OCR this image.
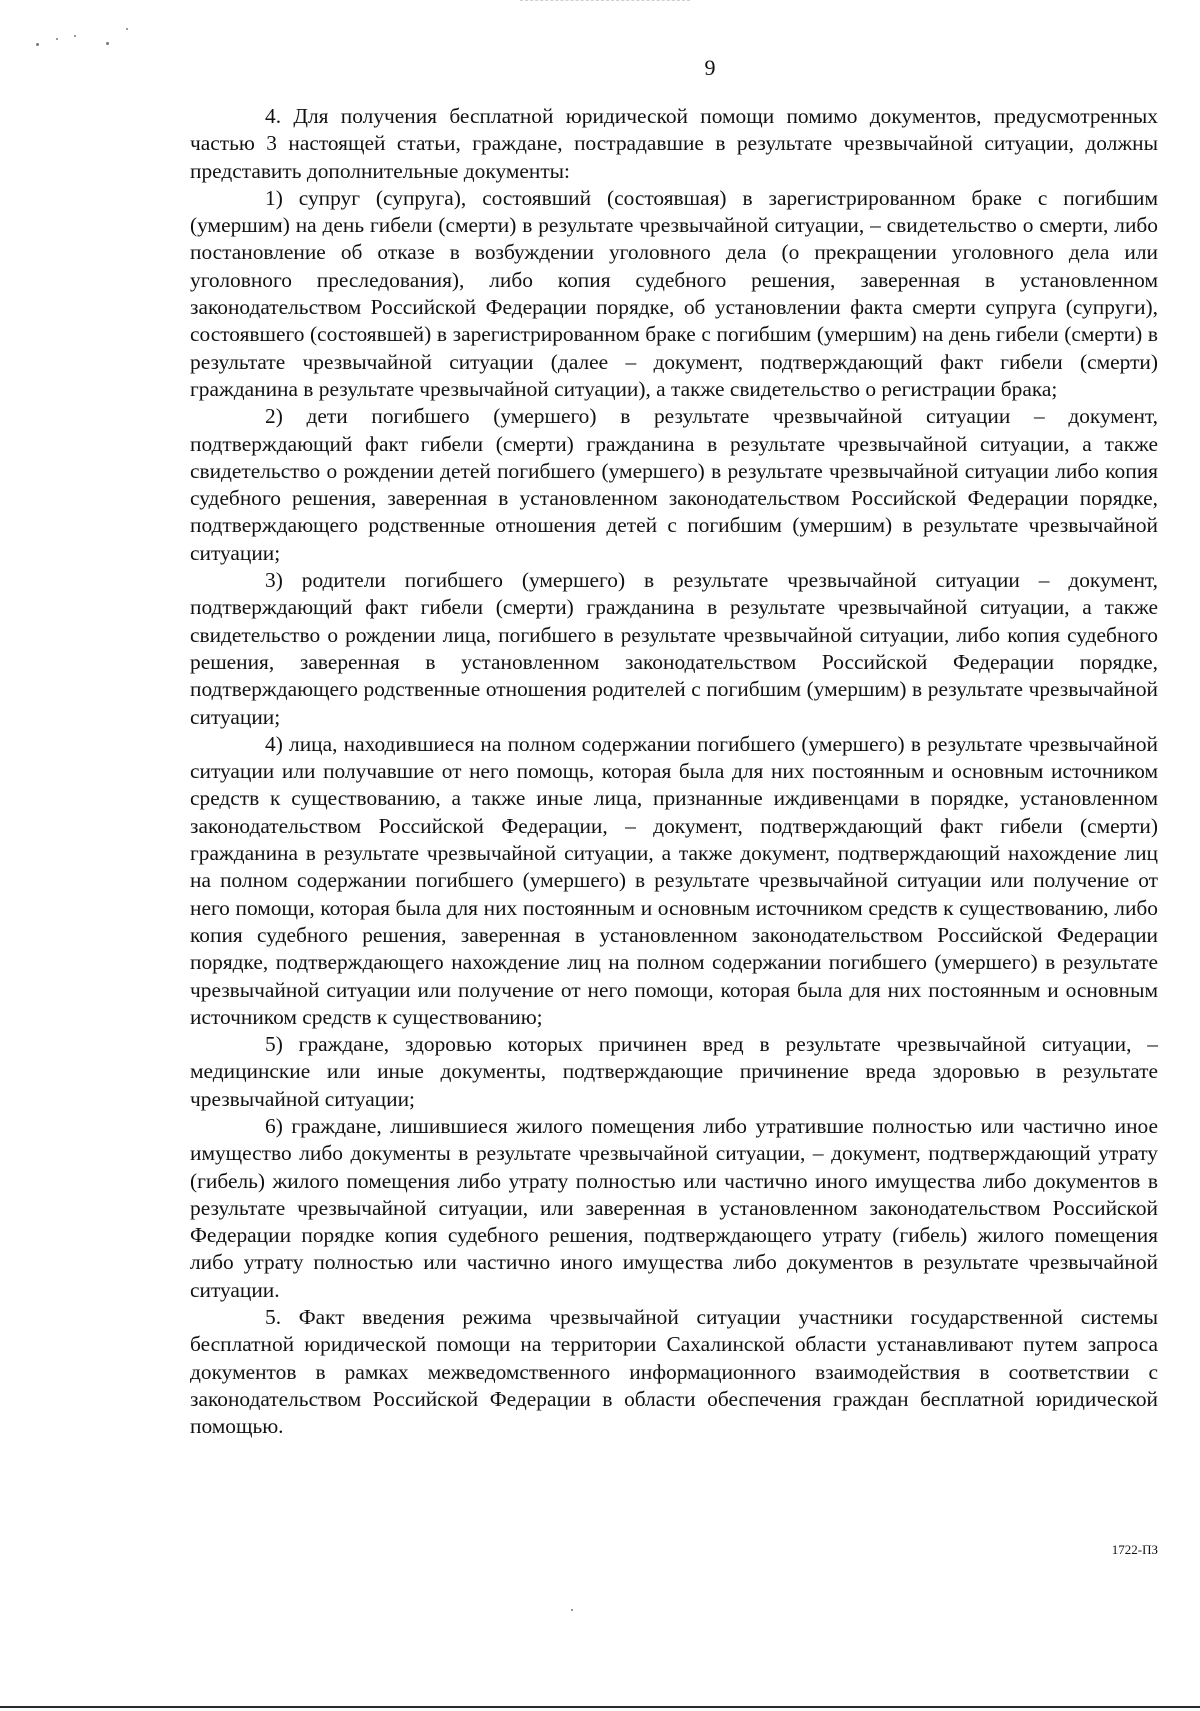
9

4. Для получения бесплатной юридической помощи помимо документов, предусмотренных частью 3 настоящей статьи, граждане, пострадавшие в результате чрезвычайной ситуации, должны представить дополнительные документы:

1) супруг (супруга), состоявший (состоявшая) в зарегистрированном браке с погибшим (умершим) на день гибели (смерти) в результате чрезвычайной ситуации, – свидетельство о смерти, либо постановление об отказе в возбуждении уголовного дела (о прекращении уголовного дела или уголовного преследования), либо копия судебного решения, заверенная в установленном законодательством Российской Федерации порядке, об установлении факта смерти супруга (супруги), состоявшего (состоявшей) в зарегистрированном браке с погибшим (умершим) на день гибели (смерти) в результате чрезвычайной ситуации (далее – документ, подтверждающий факт гибели (смерти) гражданина в результате чрезвычайной ситуации), а также свидетельство о регистрации брака;

2) дети погибшего (умершего) в результате чрезвычайной ситуации – документ, подтверждающий факт гибели (смерти) гражданина в результате чрезвычайной ситуации, а также свидетельство о рождении детей погибшего (умершего) в результате чрезвычайной ситуации либо копия судебного решения, заверенная в установленном законодательством Российской Федерации порядке, подтверждающего родственные отношения детей с погибшим (умершим) в результате чрезвычайной ситуации;

3) родители погибшего (умершего) в результате чрезвычайной ситуации – документ, подтверждающий факт гибели (смерти) гражданина в результате чрезвычайной ситуации, а также свидетельство о рождении лица, погибшего в результате чрезвычайной ситуации, либо копия судебного решения, заверенная в установленном законодательством Российской Федерации порядке, подтверждающего родственные отношения родителей с погибшим (умершим) в результате чрезвычайной ситуации;

4) лица, находившиеся на полном содержании погибшего (умершего) в результате чрезвычайной ситуации или получавшие от него помощь, которая была для них постоянным и основным источником средств к существованию, а также иные лица, признанные иждивенцами в порядке, установленном законодательством Российской Федерации, – документ, подтверждающий факт гибели (смерти) гражданина в результате чрезвычайной ситуации, а также документ, подтверждающий нахождение лиц на полном содержании погибшего (умершего) в результате чрезвычайной ситуации или получение от него помощи, которая была для них постоянным и основным источником средств к существованию, либо копия судебного решения, заверенная в установленном законодательством Российской Федерации порядке, подтверждающего нахождение лиц на полном содержании погибшего (умершего) в результате чрезвычайной ситуации или получение от него помощи, которая была для них постоянным и основным источником средств к существованию;

5) граждане, здоровью которых причинен вред в результате чрезвычайной ситуации, – медицинские или иные документы, подтверждающие причинение вреда здоровью в результате чрезвычайной ситуации;

6) граждане, лишившиеся жилого помещения либо утратившие полностью или частично иное имущество либо документы в результате чрезвычайной ситуации, – документ, подтверждающий утрату (гибель) жилого помещения либо утрату полностью или частично иного имущества либо документов в результате чрезвычайной ситуации, или заверенная в установленном законодательством Российской Федерации порядке копия судебного решения, подтверждающего утрату (гибель) жилого помещения либо утрату полностью или частично иного имущества либо документов в результате чрезвычайной ситуации.

5. Факт введения режима чрезвычайной ситуации участники государственной системы бесплатной юридической помощи на территории Сахалинской области устанавливают путем запроса документов в рамках межведомственного информационного взаимодействия в соответствии с законодательством Российской Федерации в области обеспечения граждан бесплатной юридической помощью.

1722-ПЗ
